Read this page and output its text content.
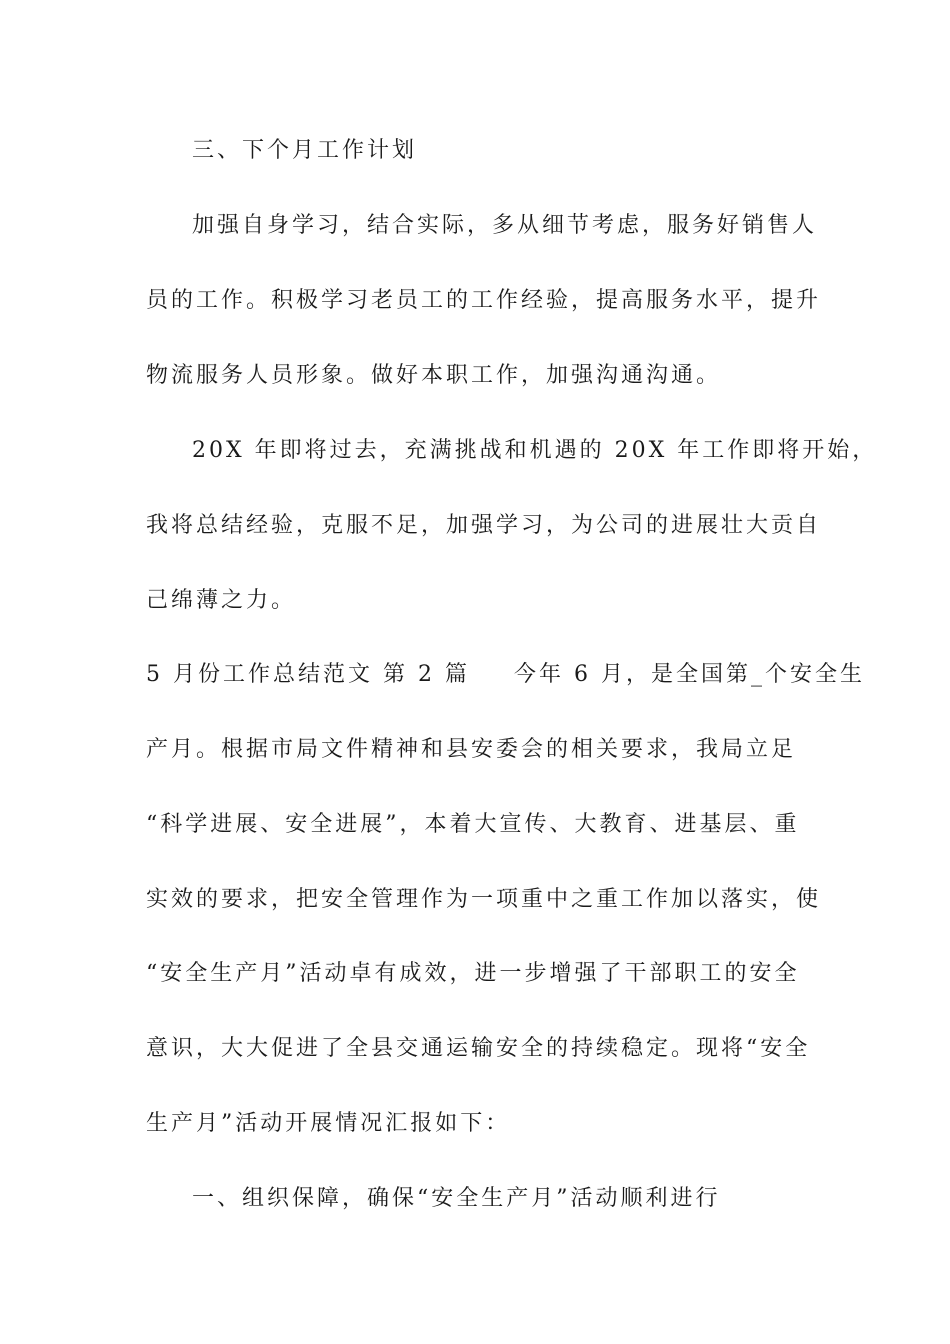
三、下个月工作计划
加强自身学习，结合实际，多从细节考虑，服务好销售人
员的工作。积极学习老员工的工作经验，提高服务水平，提升
物流服务人员形象。做好本职工作，加强沟通沟通。
20X 年即将过去，充满挑战和机遇的 20X 年工作即将开始，
我将总结经验，克服不足，加强学习，为公司的进展壮大贡自
己绵薄之力。
5 月份工作总结范文 第 2 篇 今年 6 月，是全国第_个安全生
产月。根据市局文件精神和县安委会的相关要求，我局立足
“科学进展、安全进展”，本着大宣传、大教育、进基层、重
实效的要求，把安全管理作为一项重中之重工作加以落实，使
“安全生产月”活动卓有成效，进一步增强了干部职工的安全
意识，大大促进了全县交通运输安全的持续稳定。现将“安全
生产月”活动开展情况汇报如下：
一、组织保障，确保“安全生产月”活动顺利进行
